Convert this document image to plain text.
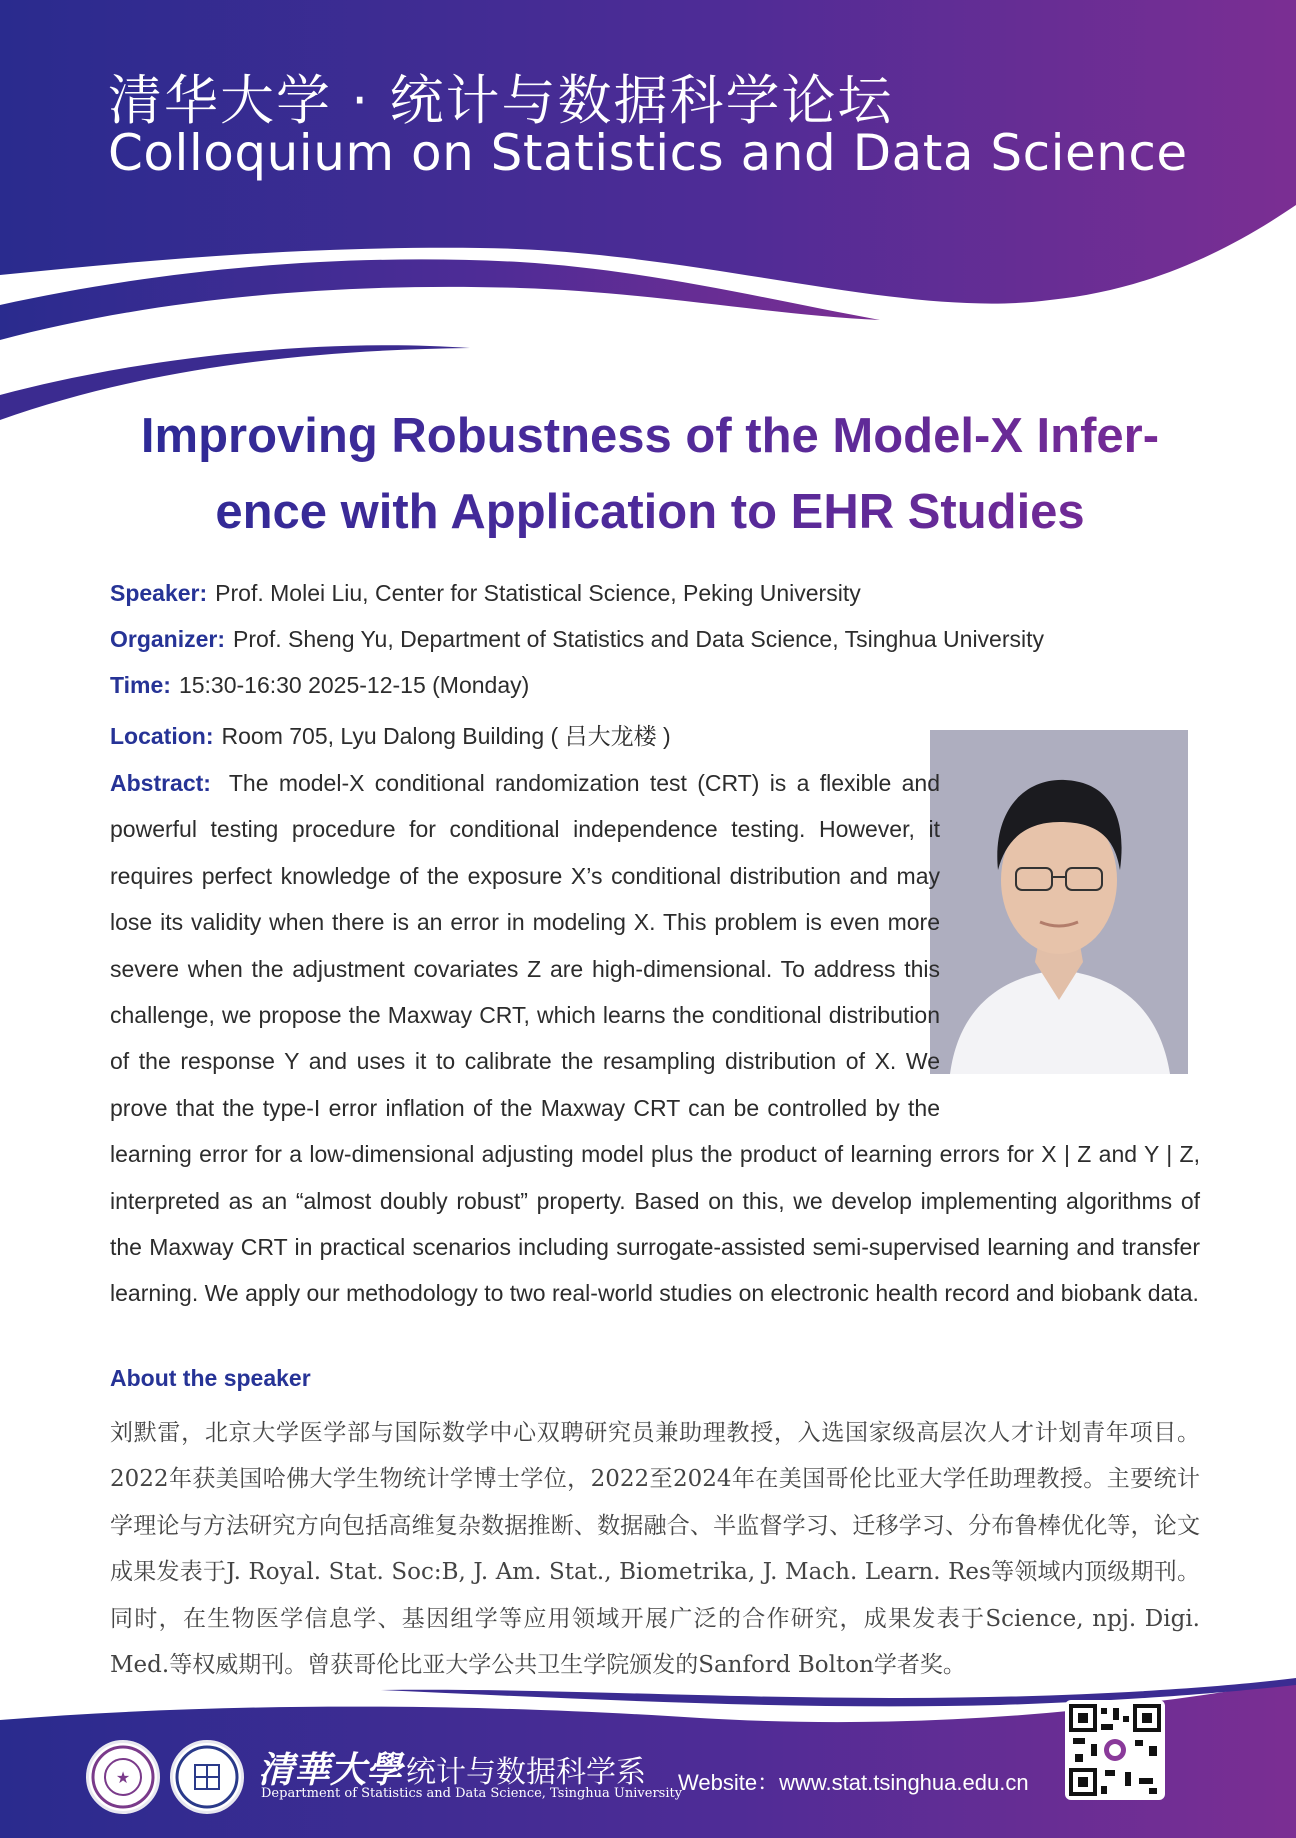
清华大学 · 统计与数据科学论坛
Colloquium on Statistics and Data Science
Improving Robustness of the Model-X Infer-
ence with Application to EHR Studies
Speaker: Prof. Molei Liu, Center for Statistical Science, Peking University
Organizer: Prof. Sheng Yu, Department of Statistics and Data Science, Tsinghua University
Time: 15:30-16:30 2025-12-15 (Monday)
Location: Room 705, Lyu Dalong Building ( 吕大龙楼 )

Abstract: The model-X conditional randomization test (CRT) is a flexible and powerful testing procedure for conditional independence testing. However, it requires perfect knowledge of the exposure X’s conditional distribution and may lose its validity when there is an error in modeling X. This problem is even more severe when the adjustment covariates Z are high-dimensional. To address this challenge, we propose the Maxway CRT, which learns the conditional distribution of the response Y and uses it to calibrate the resampling distribution of X. We prove that the type-I error inflation of the Maxway CRT can be controlled by the learning error for a low-dimensional adjusting model plus the product of learning errors for X | Z and Y | Z, interpreted as an “almost doubly robust” property. Based on this, we develop implementing algorithms of the Maxway CRT in practical scenarios including surrogate-assisted semi-supervised learning and transfer learning. We apply our methodology to two real-world studies on electronic health record and biobank data.

About the speaker

刘默雷，北京大学医学部与国际数学中心双聘研究员兼助理教授，入选国家级高层次人才计划青年项目。2022年获美国哈佛大学生物统计学博士学位，2022至2024年在美国哥伦比亚大学任助理教授。主要统计学理论与方法研究方向包括高维复杂数据推断、数据融合、半监督学习、迁移学习、分布鲁棒优化等，论文成果发表于J. Royal. Stat. Soc:B, J. Am. Stat., Biometrika, J. Mach. Learn. Res等领域内顶级期刊。同时，在生物医学信息学、基因组学等应用领域开展广泛的合作研究，成果发表于Science, npj. Digi. Med.等权威期刊。曾获哥伦比亚大学公共卫生学院颁发的Sanford Bolton学者奖。

★	清華大學 统计与数据科学系
Department of Statistics and Data Science, Tsinghua University
Website：www.stat.tsinghua.edu.cn
